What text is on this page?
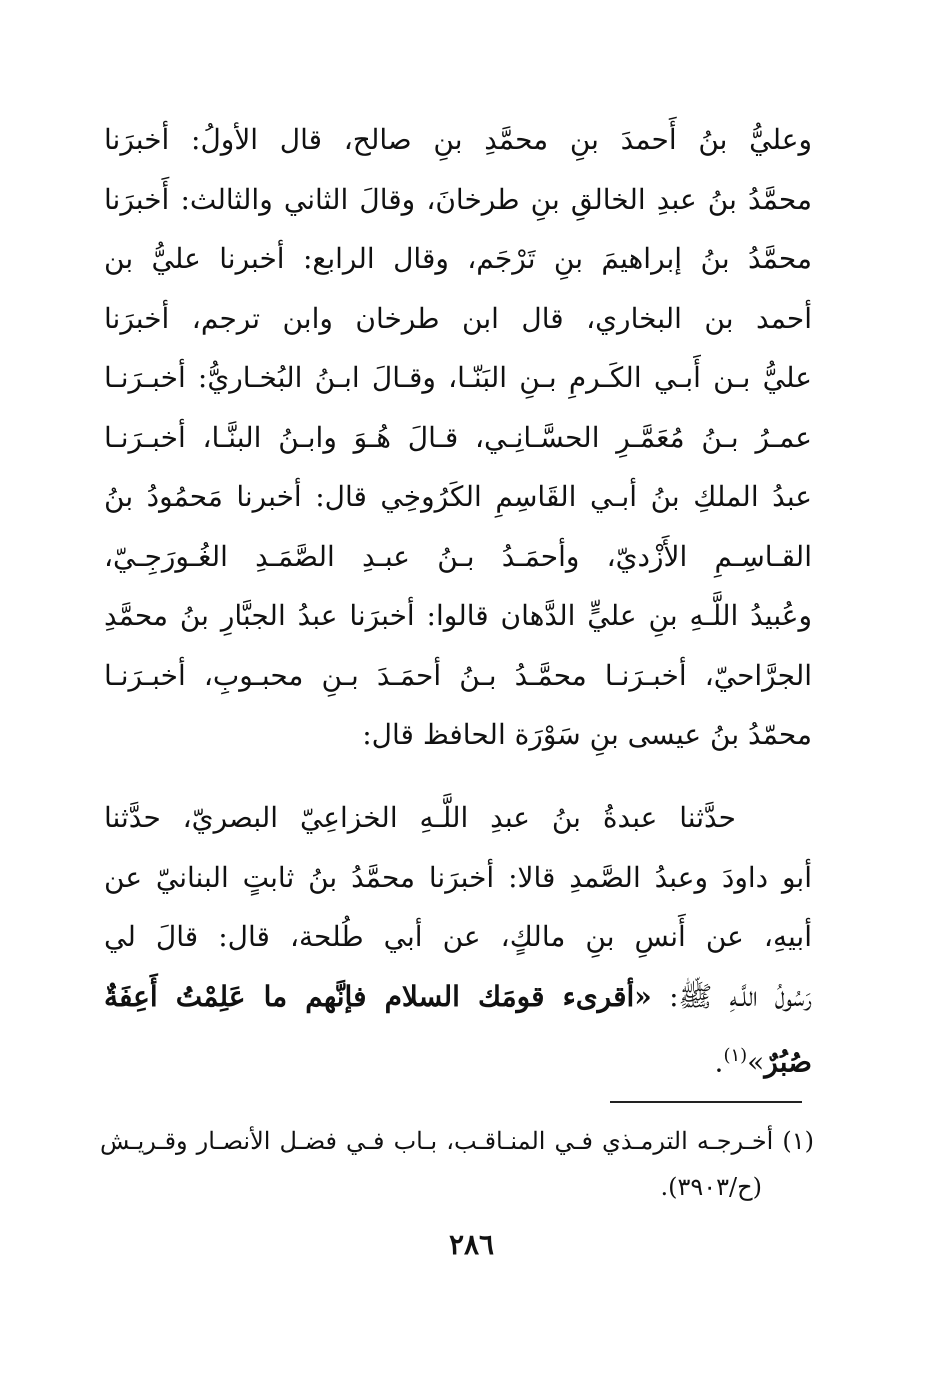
وعليُّ بنُ أَحمدَ بنِ محمَّدِ بنِ صالح، قال الأولُ: أخبرَنا
محمَّدُ بنُ عبدِ الخالقِ بنِ طرخانَ، وقالَ الثاني والثالث: أَخبرَنا
محمَّدُ بنُ إبراهيمَ بنِ تَرْجَم، وقال الرابع: أخبرنا عليُّ بن
أحمد بن البخاري، قال ابن طرخان وابن ترجم، أخبرَنا
عليُّ بـن أَبـي الكَـرمِ بـنِ البَنّـا، وقـالَ ابـنُ البُخـاريُّ: أخبـرَنـا
عمـرُ بـنُ مُعَمَّـرِ الحسَّـانِـي، قـالَ هُـوَ وابـنُ البنَّـا، أخبـرَنـا
عبدُ الملكِ بنُ أبـي القَاسِمِ الكَرُوخِي قال: أخبرنا مَحمُودُ بنُ
القـاسِـمِ الأَزْديّ، وأحمَـدُ بـنُ عبـدِ الصَّمَـدِ الغُـورَجِـيّ،
وعُبيدُ اللَّـهِ بنِ عليٍّ الدَّهان قالوا: أخبرَنا عبدُ الجبَّارِ بنُ محمَّدِ
الجرَّاحيّ، أخبـرَنـا محمَّـدُ بـنُ أحمَـدَ بـنِ محبـوبِ، أخبـرَنـا
محمّدُ بنُ عيسى بنِ سَوْرَة الحافظ قال:
حدَّثنا عبدةُ بنُ عبدِ اللَّـهِ الخزاعِيّ البصريّ، حدَّثنا
أبو داودَ وعبدُ الصَّمدِ قالا: أخبرَنا محمَّدُ بنُ ثابتٍ البنانيّ عن
أبيهِ، عن أَنسِ بنِ مالكٍ، عن أبي طُلحة، قال: قالَ لي
رَسُولُ اللَّـهِ ﷺ: «أقرىء قومَك السلام فإنَّهم ما عَلِمْتُ أَعِفَةٌ
صُبُرٌ»$^{(١)}$.
(١) أخـرجـه الترمـذي فـي المنـاقـب، بـاب فـي فضـل الأنصـار وقـريـش
(ح/٣٩٠٣).
٢٨٦
